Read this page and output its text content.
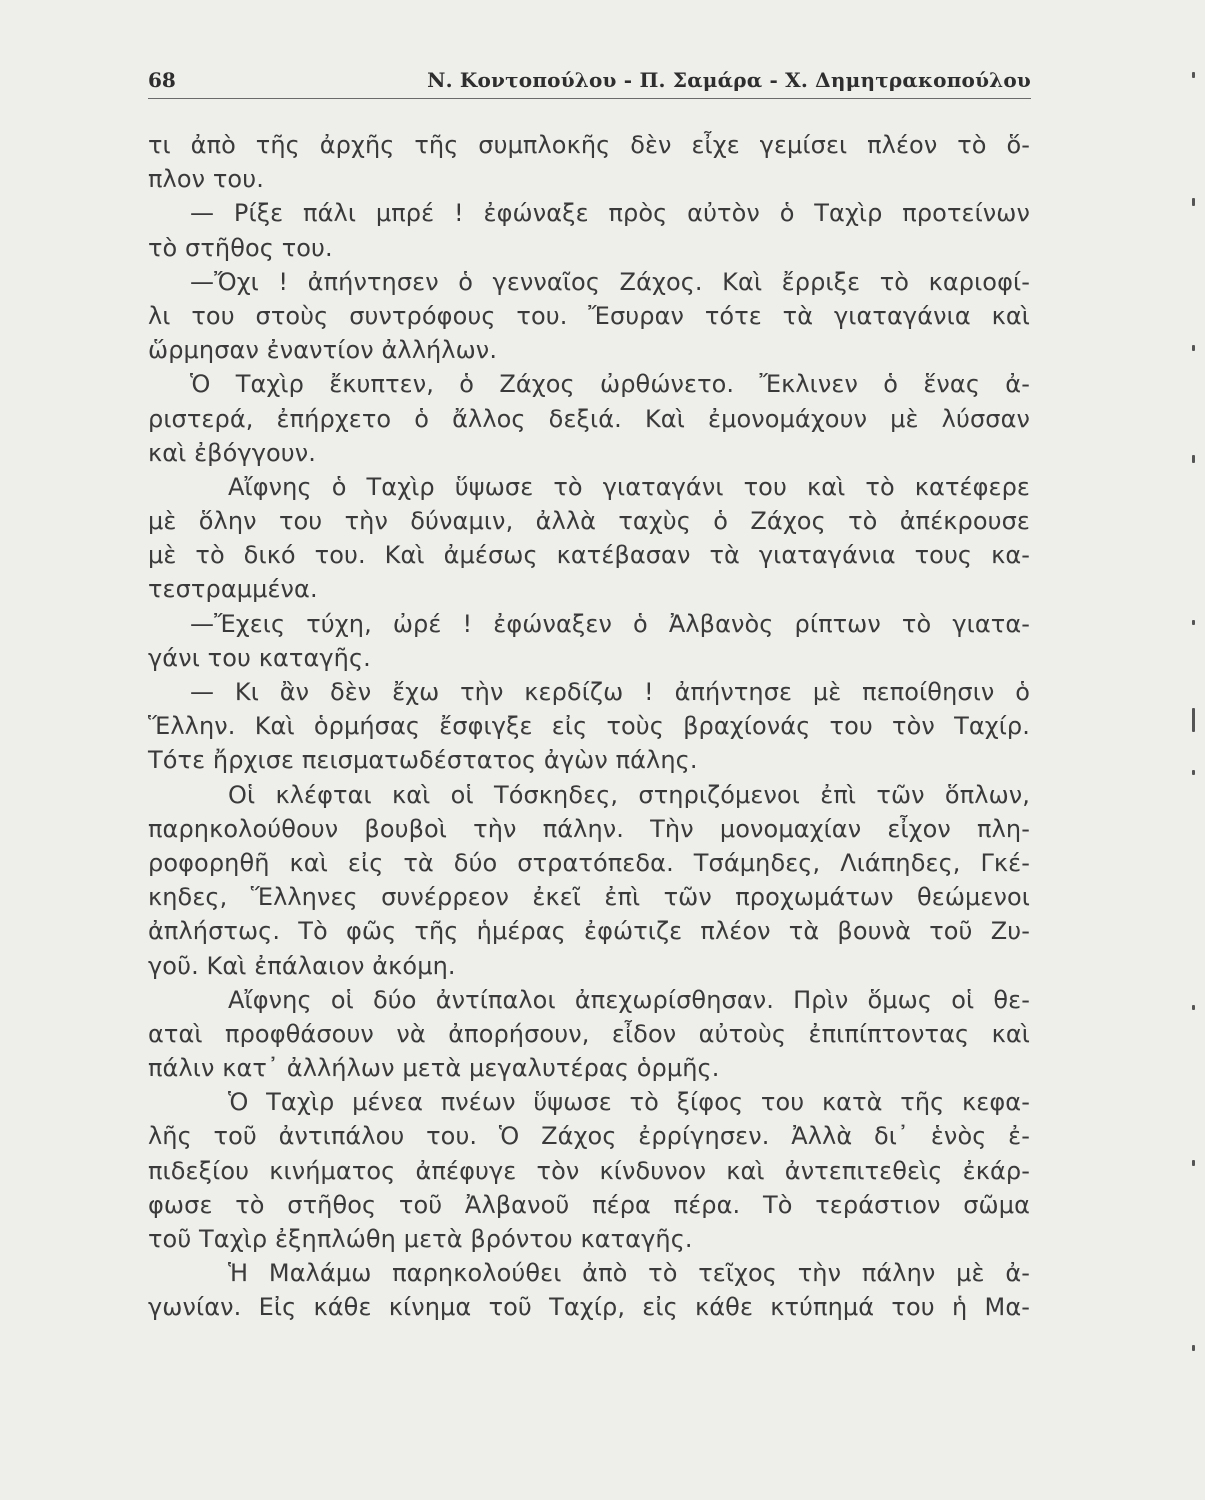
68	Ν. Κοντοπούλου - Π. Σαμάρα - Χ. Δημητρακοπούλου
τι ἀπὸ τῆς ἀρχῆς τῆς συμπλοκῆς δὲν εἶχε γεμίσει πλέον τὸ ὅ-
πλον του.
— Ρίξε πάλι μπρέ ! ἐφώναξε πρὸς αὐτὸν ὁ Ταχὶρ προτείνων
τὸ στῆθος του.
—Ὄχι ! ἀπήντησεν ὁ γενναῖος Ζάχος. Καὶ ἔρριξε τὸ καριοφί-
λι του στοὺς συντρόφους του. Ἔσυραν τότε τὰ γιαταγάνια καὶ
ὥρμησαν ἐναντίον ἀλλήλων.
Ὁ Ταχὶρ ἔκυπτεν, ὁ Ζάχος ὠρθώνετο. Ἔκλινεν ὁ ἕνας ἀ-
ριστερά, ἐπήρχετο ὁ ἄλλος δεξιά. Καὶ ἐμονομάχουν μὲ λύσσαν
καὶ ἐβόγγουν.
Αἴφνης ὁ Ταχὶρ ὕψωσε τὸ γιαταγάνι του καὶ τὸ κατέφερε
μὲ ὅλην του τὴν δύναμιν, ἀλλὰ ταχὺς ὁ Ζάχος τὸ ἀπέκρουσε
μὲ τὸ δικό του. Καὶ ἀμέσως κατέβασαν τὰ γιαταγάνια τους κα-
τεστραμμένα.
—Ἔχεις τύχη, ὠρέ ! ἐφώναξεν ὁ Ἀλβανὸς ρίπτων τὸ γιατα-
γάνι του καταγῆς.
— Κι ἂν δὲν ἔχω τὴν κερδίζω ! ἀπήντησε μὲ πεποίθησιν ὁ
Ἕλλην. Καὶ ὁρμήσας ἔσφιγξε εἰς τοὺς βραχίονάς του τὸν Ταχίρ.
Τότε ἤρχισε πεισματωδέστατος ἀγὼν πάλης.
Οἱ κλέφται καὶ οἱ Τόσκηδες, στηριζόμενοι ἐπὶ τῶν ὅπλων,
παρηκολούθουν βουβοὶ τὴν πάλην. Τὴν μονομαχίαν εἶχον πλη-
ροφορηθῆ καὶ εἰς τὰ δύο στρατόπεδα. Τσάμηδες, Λιάπηδες, Γκέ-
κηδες, Ἕλληνες συνέρρεον ἐκεῖ ἐπὶ τῶν προχωμάτων θεώμενοι
ἀπλήστως. Τὸ φῶς τῆς ἡμέρας ἐφώτιζε πλέον τὰ βουνὰ τοῦ Ζυ-
γοῦ. Καὶ ἐπάλαιον ἀκόμη.
Αἴφνης οἱ δύο ἀντίπαλοι ἀπεχωρίσθησαν. Πρὶν ὅμως οἱ θε-
αταὶ προφθάσουν νὰ ἀπορήσουν, εἶδον αὐτοὺς ἐπιπίπτοντας καὶ
πάλιν κατ᾽ ἀλλήλων μετὰ μεγαλυτέρας ὁρμῆς.
Ὁ Ταχὶρ μένεα πνέων ὕψωσε τὸ ξίφος του κατὰ τῆς κεφα-
λῆς τοῦ ἀντιπάλου του. Ὁ Ζάχος ἐρρίγησεν. Ἀλλὰ δι᾽ ἑνὸς ἐ-
πιδεξίου κινήματος ἀπέφυγε τὸν κίνδυνον καὶ ἀντεπιτεθεὶς ἐκάρ-
φωσε τὸ στῆθος τοῦ Ἀλβανοῦ πέρα πέρα. Τὸ τεράστιον σῶμα
τοῦ Ταχὶρ ἐξηπλώθη μετὰ βρόντου καταγῆς.
Ἡ Μαλάμω παρηκολούθει ἀπὸ τὸ τεῖχος τὴν πάλην μὲ ἀ-
γωνίαν. Εἰς κάθε κίνημα τοῦ Ταχίρ, εἰς κάθε κτύπημά του ἡ Μα-
